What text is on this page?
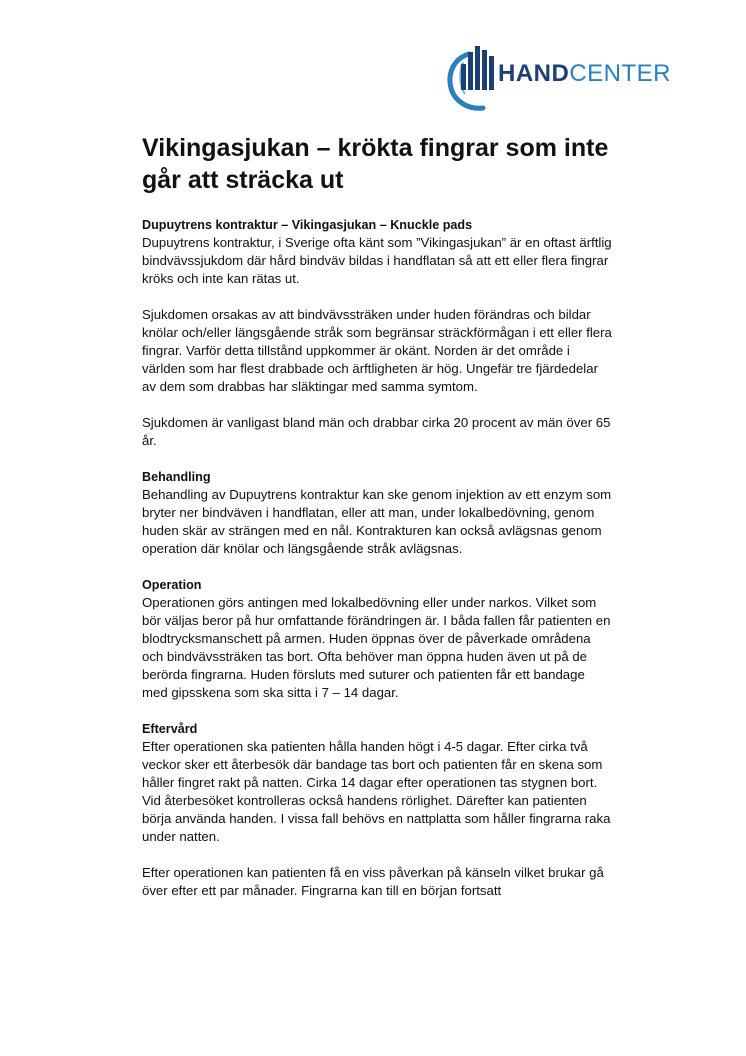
HANDCENTER
Vikingasjukan – krökta fingrar som inte går att sträcka ut

Dupuytrens kontraktur – Vikingasjukan – Knuckle pads

Dupuytrens kontraktur, i Sverige ofta känt som ”Vikingasjukan” är en oftast ärftlig bindvävssjukdom där hård bindväv bildas i handflatan så att ett eller flera fingrar kröks och inte kan rätas ut.

Sjukdomen orsakas av att bindvävssträken under huden förändras och bildar knölar och/eller längsgående stråk som begränsar sträckförmågan i ett eller flera fingrar. Varför detta tillstånd uppkommer är okänt. Norden är det område i världen som har flest drabbade och ärftligheten är hög. Ungefär tre fjärdedelar av dem som drabbas har släktingar med samma symtom.

Sjukdomen är vanligast bland män och drabbar cirka 20 procent av män över 65 år.

Behandling

Behandling av Dupuytrens kontraktur kan ske genom injektion av ett enzym som bryter ner bindväven i handflatan, eller att man, under lokalbedövning, genom huden skär av strängen med en nål. Kontrakturen kan också avlägsnas genom operation där knölar och längsgående stråk avlägsnas.

Operation

Operationen görs antingen med lokalbedövning eller under narkos. Vilket som bör väljas beror på hur omfattande förändringen är. I båda fallen får patienten en blodtrycksmanschett på armen. Huden öppnas över de påverkade områdena och bindvävssträken tas bort. Ofta behöver man öppna huden även ut på de berörda fingrarna. Huden försluts med suturer och patienten får ett bandage med gipsskena som ska sitta i 7 – 14 dagar.

Eftervård

Efter operationen ska patienten hålla handen högt i 4-5 dagar. Efter cirka två veckor sker ett återbesök där bandage tas bort och patienten får en skena som håller fingret rakt på natten. Cirka 14 dagar efter operationen tas stygnen bort. Vid återbesöket kontrolleras också handens rörlighet. Därefter kan patienten börja använda handen. I vissa fall behövs en nattplatta som håller fingrarna raka under natten.

Efter operationen kan patienten få en viss påverkan på känseln vilket brukar gå över efter ett par månader. Fingrarna kan till en början fortsatt
